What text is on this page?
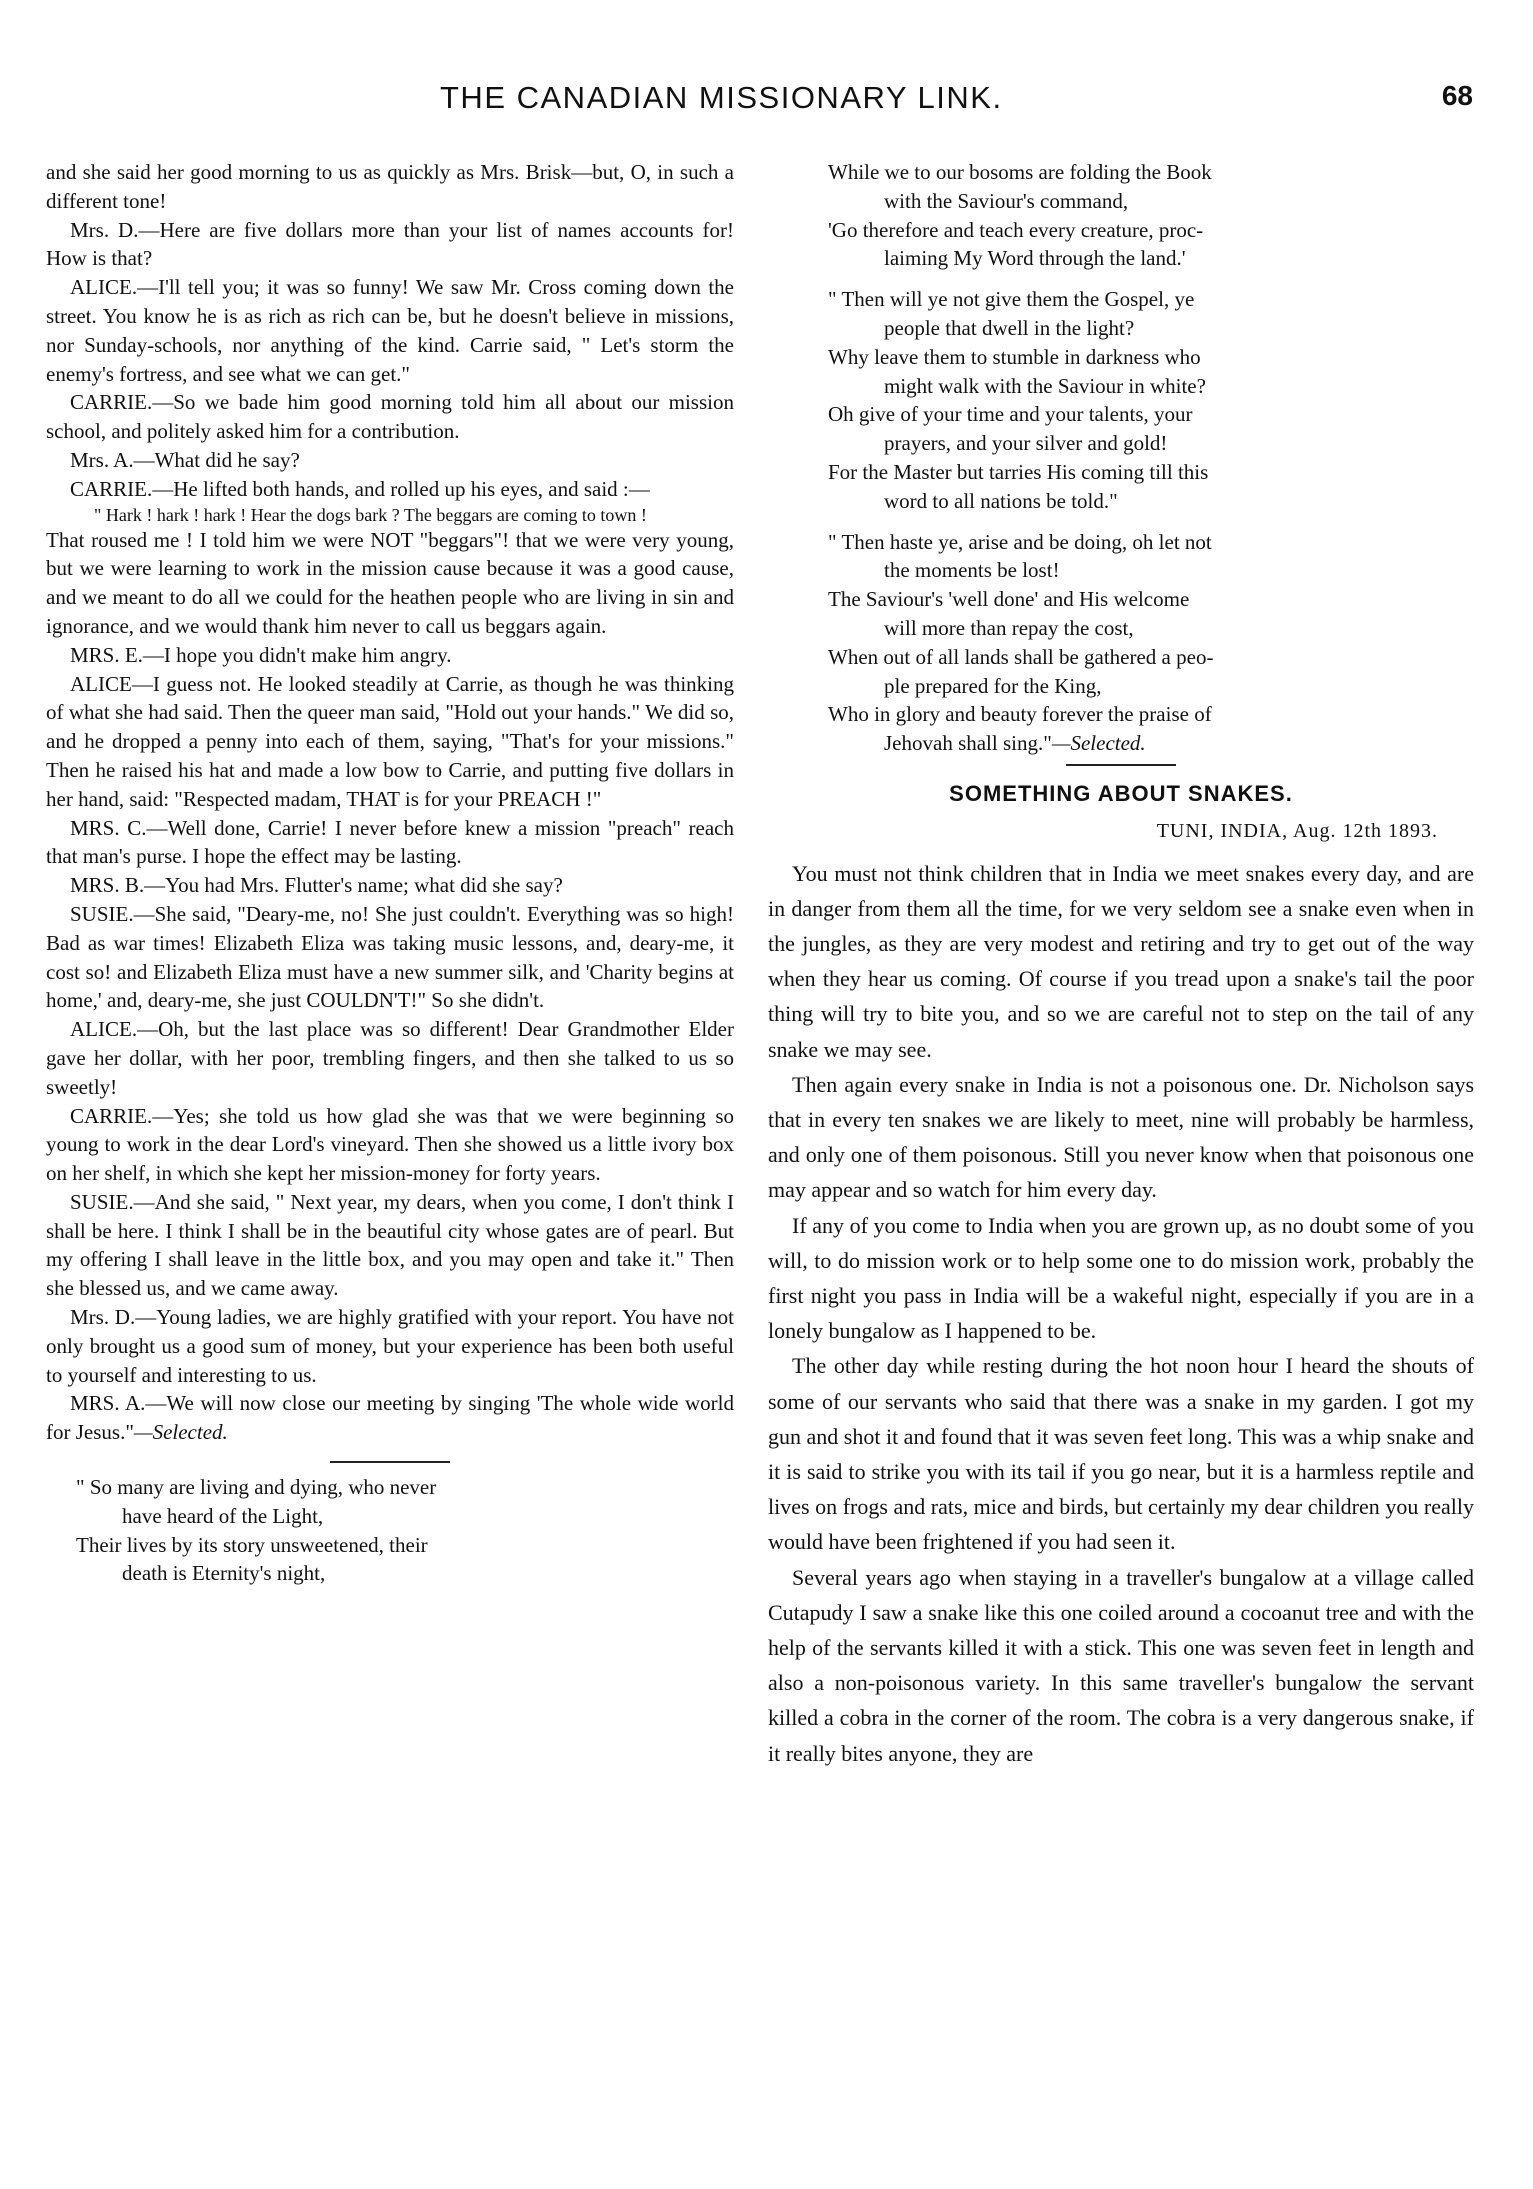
THE CANADIAN MISSIONARY LINK.	68

and she said her good morning to us as quickly as Mrs. Brisk—but, O, in such a different tone!

Mrs. D.—Here are five dollars more than your list of names accounts for! How is that?

ALICE.—I'll tell you; it was so funny! We saw Mr. Cross coming down the street. You know he is as rich as rich can be, but he doesn't believe in missions, nor Sunday-schools, nor anything of the kind. Carrie said, " Let's storm the enemy's fortress, and see what we can get."

CARRIE.—So we bade him good morning told him all about our mission school, and politely asked him for a contribution.

Mrs. A.—What did he say?

CARRIE.—He lifted both hands, and rolled up his eyes, and said :—

" Hark ! hark ! hark ! Hear the dogs bark ? The beggars are coming to town !

That roused me ! I told him we were NOT "beggars"! that we were very young, but we were learning to work in the mission cause because it was a good cause, and we meant to do all we could for the heathen people who are living in sin and ignorance, and we would thank him never to call us beggars again.

MRS. E.—I hope you didn't make him angry.

ALICE—I guess not. He looked steadily at Carrie, as though he was thinking of what she had said. Then the queer man said, "Hold out your hands." We did so, and he dropped a penny into each of them, saying, "That's for your missions." Then he raised his hat and made a low bow to Carrie, and putting five dollars in her hand, said: "Respected madam, THAT is for your PREACH !"

MRS. C.—Well done, Carrie! I never before knew a mission "preach" reach that man's purse. I hope the effect may be lasting.

MRS. B.—You had Mrs. Flutter's name; what did she say?

SUSIE.—She said, "Deary-me, no! She just couldn't. Everything was so high! Bad as war times! Elizabeth Eliza was taking music lessons, and, deary-me, it cost so! and Elizabeth Eliza must have a new summer silk, and 'Charity begins at home,' and, deary-me, she just COULDN'T!" So she didn't.

ALICE.—Oh, but the last place was so different! Dear Grandmother Elder gave her dollar, with her poor, trembling fingers, and then she talked to us so sweetly!

CARRIE.—Yes; she told us how glad she was that we were beginning so young to work in the dear Lord's vineyard. Then she showed us a little ivory box on her shelf, in which she kept her mission-money for forty years.

SUSIE.—And she said, " Next year, my dears, when you come, I don't think I shall be here. I think I shall be in the beautiful city whose gates are of pearl. But my offering I shall leave in the little box, and you may open and take it." Then she blessed us, and we came away.

Mrs. D.—Young ladies, we are highly gratified with your report. You have not only brought us a good sum of money, but your experience has been both useful to yourself and interesting to us.

MRS. A.—We will now close our meeting by singing 'The whole wide world for Jesus."—Selected.

" So many are living and dying, who never

have heard of the Light,

Their lives by its story unsweetened, their

death is Eternity's night,

While we to our bosoms are folding the Book

with the Saviour's command,

'Go therefore and teach every creature, proc-

laiming My Word through the land.'

" Then will ye not give them the Gospel, ye

people that dwell in the light?

Why leave them to stumble in darkness who

might walk with the Saviour in white?

Oh give of your time and your talents, your

prayers, and your silver and gold!

For the Master but tarries His coming till this

word to all nations be told."

" Then haste ye, arise and be doing, oh let not

the moments be lost!

The Saviour's 'well done' and His welcome

will more than repay the cost,

When out of all lands shall be gathered a peo-

ple prepared for the King,

Who in glory and beauty forever the praise of

Jehovah shall sing."—Selected.

SOMETHING ABOUT SNAKES.
TUNI, INDIA, Aug. 12th 1893.

You must not think children that in India we meet snakes every day, and are in danger from them all the time, for we very seldom see a snake even when in the jungles, as they are very modest and retiring and try to get out of the way when they hear us coming. Of course if you tread upon a snake's tail the poor thing will try to bite you, and so we are careful not to step on the tail of any snake we may see.

Then again every snake in India is not a poisonous one. Dr. Nicholson says that in every ten snakes we are likely to meet, nine will probably be harmless, and only one of them poisonous. Still you never know when that poisonous one may appear and so watch for him every day.

If any of you come to India when you are grown up, as no doubt some of you will, to do mission work or to help some one to do mission work, probably the first night you pass in India will be a wakeful night, especially if you are in a lonely bungalow as I happened to be.

The other day while resting during the hot noon hour I heard the shouts of some of our servants who said that there was a snake in my garden. I got my gun and shot it and found that it was seven feet long. This was a whip snake and it is said to strike you with its tail if you go near, but it is a harmless reptile and lives on frogs and rats, mice and birds, but certainly my dear children you really would have been frightened if you had seen it.

Several years ago when staying in a traveller's bungalow at a village called Cutapudy I saw a snake like this one coiled around a cocoanut tree and with the help of the servants killed it with a stick. This one was seven feet in length and also a non-poisonous variety. In this same traveller's bungalow the servant killed a cobra in the corner of the room. The cobra is a very dangerous snake, if it really bites anyone, they are
